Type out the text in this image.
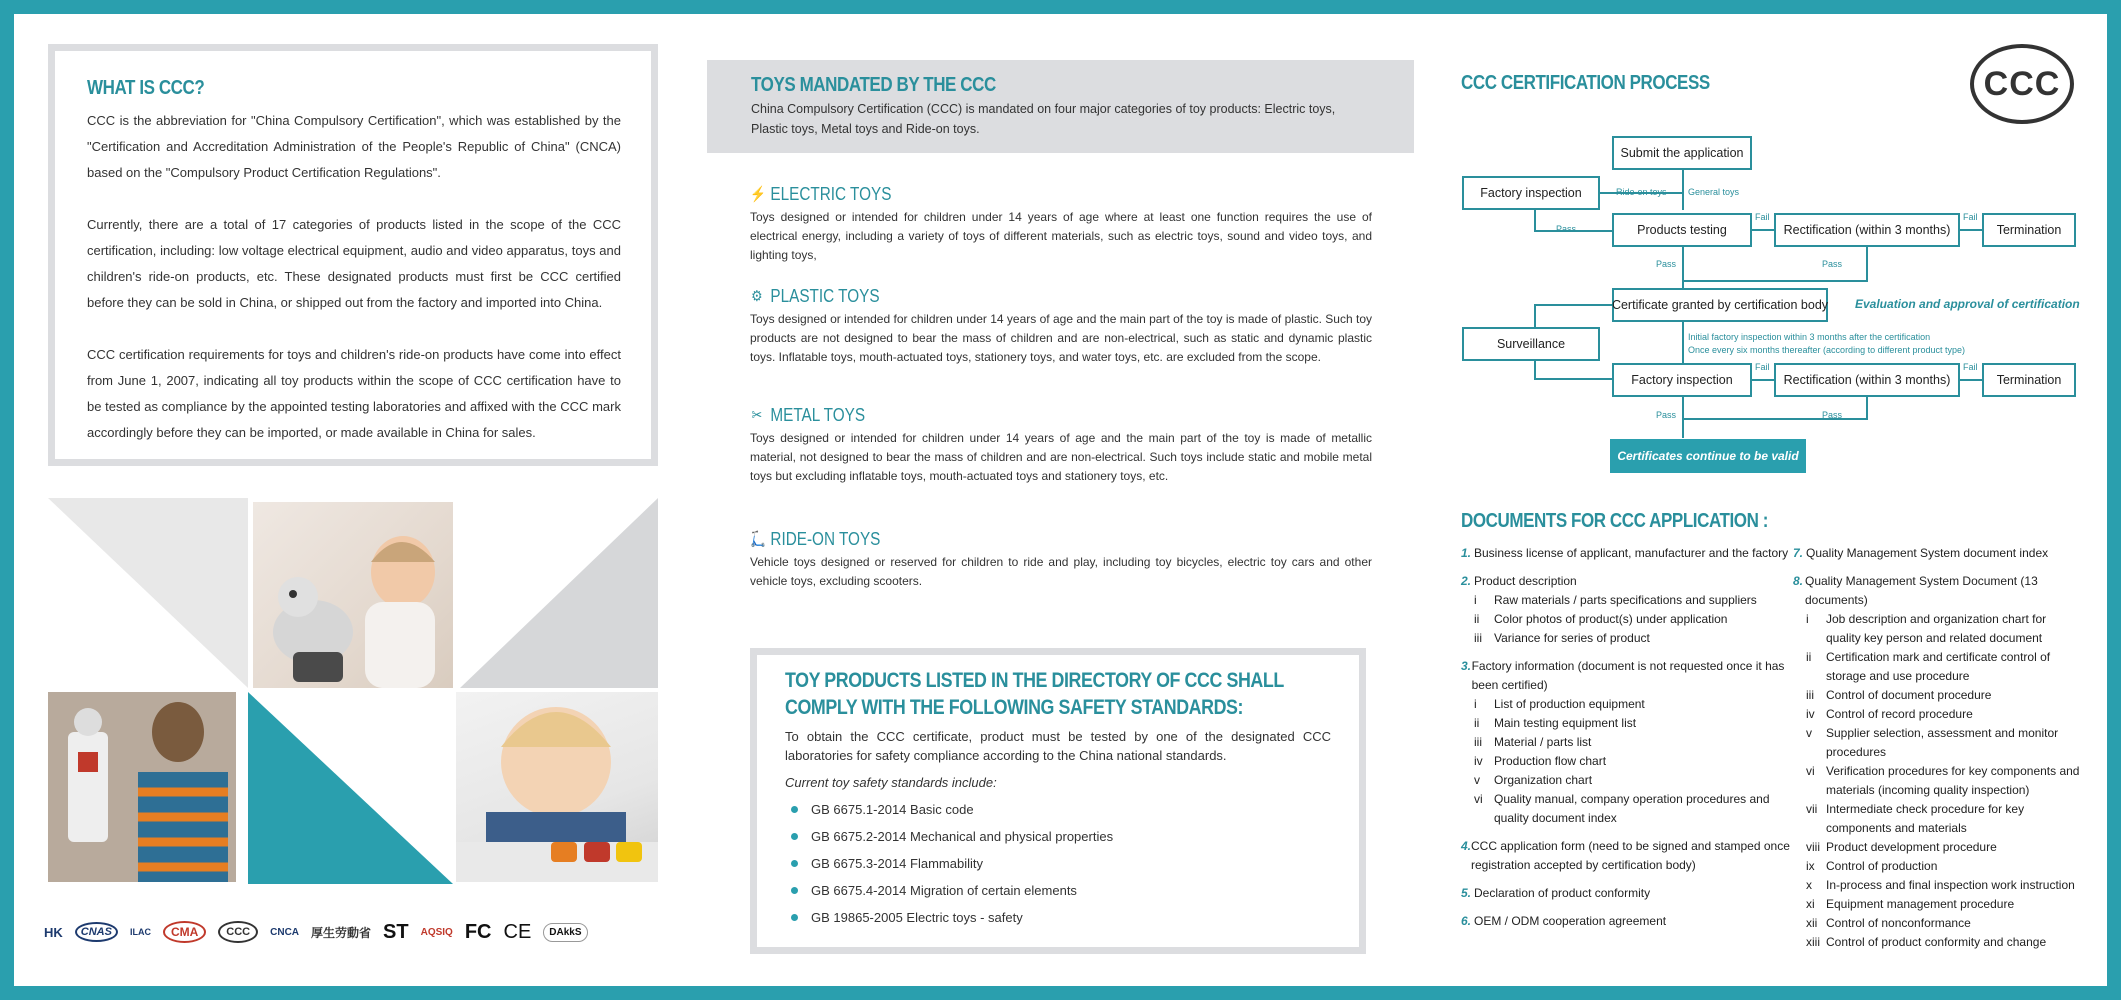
WHAT IS CCC?

CCC is the abbreviation for "China Compulsory Certification", which was established by the "Certification and Accreditation Administration of the People's Republic of China" (CNCA) based on the "Compulsory Product Certification Regulations".

Currently, there are a total of 17 categories of products listed in the scope of the CCC certification, including: low voltage electrical equipment, audio and video apparatus, toys and children's ride-on products, etc. These designated products must first be CCC certified before they can be sold in China, or shipped out from the factory and imported into China.

CCC certification requirements for toys and children's ride-on products have come into effect from June 1, 2007, indicating all toy products within the scope of CCC certification have to be tested as compliance by the appointed testing laboratories and affixed with the CCC mark accordingly before they can be imported, or made available in China for sales.

HK	CNAS	ILAC	CMA	CCC	CNCA 厚生劳動省 ST AQSIQ FC CE	DAkkS
TOYS MANDATED BY THE CCC

China Compulsory Certification (CCC) is mandated on four major categories of toy products: Electric toys, Plastic toys, Metal toys and Ride-on toys.

⚡ ELECTRIC TOYS

Toys designed or intended for children under 14 years of age where at least one function requires the use of electrical energy, including a variety of toys of different materials, such as electric toys, sound and video toys, and lighting toys,

⚙ PLASTIC TOYS

Toys designed or intended for children under 14 years of age and the main part of the toy is made of plastic. Such toy products are not designed to bear the mass of children and are non-electrical, such as static and dynamic plastic toys. Inflatable toys, mouth-actuated toys, stationery toys, and water toys, etc. are excluded from the scope.

✂ METAL TOYS

Toys designed or intended for children under 14 years of age and the main part of the toy is made of metallic material, not designed to bear the mass of children and are non-electrical. Such toys include static and mobile metal toys but excluding inflatable toys, mouth-actuated toys and stationery toys, etc.

🛴 RIDE-ON TOYS

Vehicle toys designed or reserved for children to ride and play, including toy bicycles, electric toy cars and other vehicle toys, excluding scooters.

TOY PRODUCTS LISTED IN THE DIRECTORY OF CCC SHALL COMPLY WITH THE FOLLOWING SAFETY STANDARDS:

To obtain the CCC certificate, product must be tested by one of the designated CCC laboratories for safety compliance according to the China national standards.

Current toy safety standards include:

GB 6675.1-2014 Basic code
GB 6675.2-2014 Mechanical and physical properties
GB 6675.3-2014 Flammability
GB 6675.4-2014 Migration of certain elements
GB 19865-2005 Electric toys - safety
CCC CERTIFICATION PROCESS	CCC
Submit the application
Factory inspection
Products testing	Rectification (within 3 months)	Termination
Certificate granted by certification body
Surveillance
Factory inspection	Rectification (within 3 months)	Termination
Certificates continue to be valid
Ride-on toys General toys
Pass
Fail	Fail
Pass	Pass
Evaluation and approval of certification
Initial factory inspection within 3 months after the certification
Once every six months thereafter (according to different product type)
Fail	Fail
Pass	Pass
DOCUMENTS FOR CCC APPLICATION :
1. Business license of applicant, manufacturer and the factory
2. Product description
i	Raw materials / parts specifications and suppliers
ii	Color photos of product(s) under application
iii	Variance for series of product
3. Factory information (document is not requested once it has been certified)
i	List of production equipment
ii	Main testing equipment list
iii	Material / parts list
iv Production flow chart
v	Organization chart
vi Quality manual, company operation procedures and quality document index
4. CCC application form (need to be signed and stamped once registration accepted by certification body)
5. Declaration of product conformity
6. OEM / ODM cooperation agreement
7. Quality Management System document index
8. Quality Management System Document (13 documents)
i	Job description and organization chart for quality key person and related document
ii	Certification mark and certificate control of storage and use procedure
iii	Control of document procedure
iv Control of record procedure
v	Supplier selection, assessment and monitor procedures
vi Verification procedures for key components and materials (incoming quality inspection)
vii Intermediate check procedure for key components and materials
viii Product development procedure
ix Control of production
x	In-process and final inspection work instruction
xi Equipment management procedure
xii Control of nonconformance
xiii Control of product conformity and change
